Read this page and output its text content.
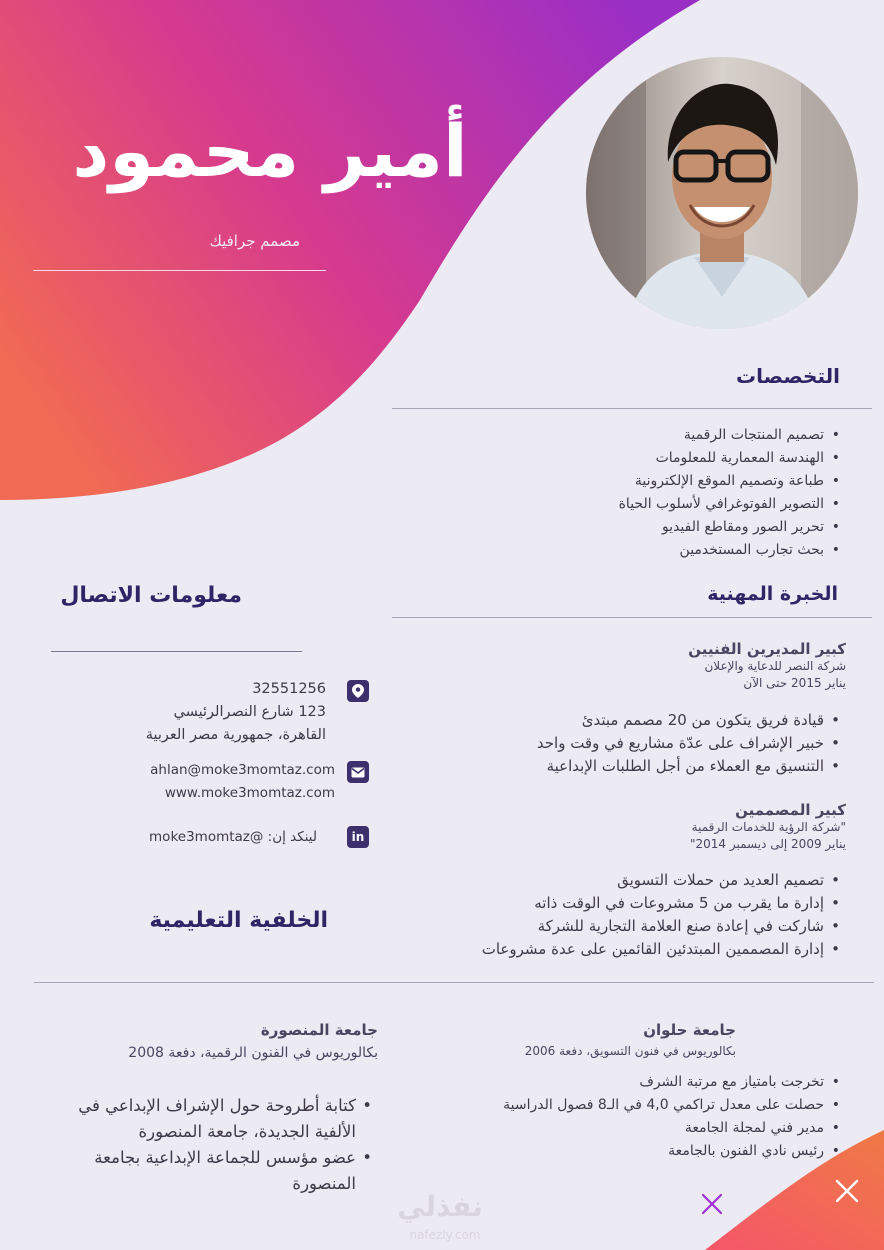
أمير محمود
مصمم جرافيك
التخصصات
• تصميم المنتجات الرقمية
• الهندسة المعمارية للمعلومات
• طباعة وتصميم الموقع الإلكترونية
• التصوير الفوتوغرافي لأسلوب الحياة
• تحرير الصور ومقاطع الفيديو
• بحث تجارب المستخدمين
الخبرة المهنية
كبير المديرين الفنيين
شركة النصر للدعاية والإعلان
يناير 2015 حتى الآن
• قيادة فريق يتكون من 20 مصمم مبتدئ
• خبير الإشراف على عدّة مشاريع في وقت واحد
• التنسيق مع العملاء من أجل الطلبات الإبداعية
كبير المصممين
"شركة الرؤية للخدمات الرقمية
يناير 2009 إلى ديسمبر 2014"
• تصميم العديد من حملات التسويق
• إدارة ما يقرب من 5 مشروعات في الوقت ذاته
• شاركت في إعادة صنع العلامة التجارية للشركة
• إدارة المصممين المبتدئين القائمين على عدة مشروعات
معلومات الاتصال
32551256
123 شارع النصرالرئيسي
القاهرة، جمهورية مصر العربية
ahlan@moke3momtaz.com
www.moke3momtaz.com
in
لينكد إن: @moke3momtaz
الخلفية التعليمية
جامعة حلوان
بكالوريوس في فنون التسويق، دفعة 2006
• تخرجت بامتياز مع مرتبة الشرف
• حصلت على معدل تراكمي 4,0 في الـ8 فصول الدراسية
• مدير فني لمجلة الجامعة
• رئيس نادي الفنون بالجامعة
جامعة المنصورة
بكالوريوس في الفنون الرقمية، دفعة 2008
• كتابة أطروحة حول الإشراف الإبداعي في الألفية الجديدة، جامعة المنصورة
• عضو مؤسس للجماعة الإبداعية بجامعة المنصورة
نفذلي
nafezly.com
